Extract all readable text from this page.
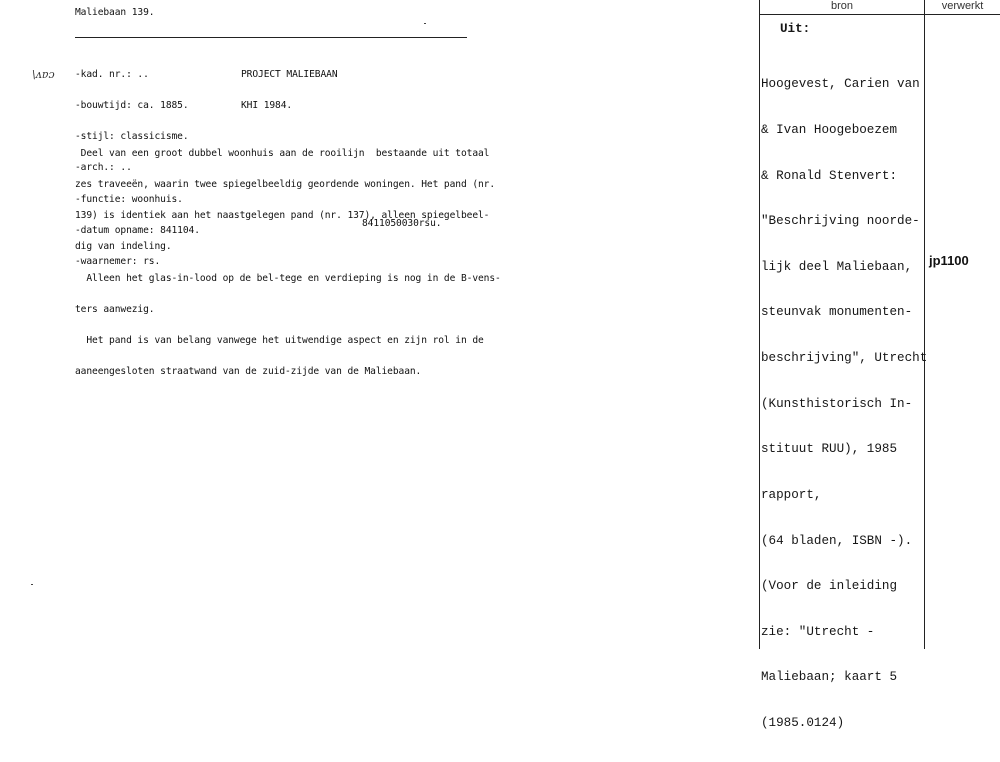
Maliebaan 139.

-kad. nr.: ..

-bouwtijd: ca. 1885.

-stijl: classicisme.

-arch.: ..

-functie: woonhuis.

-datum opname: 841104.

-waarnemer: rs.

\ᴧɐɔ

	PROJECT MALIEBAAN

KHI 1984.

Deel van een groot dubbel woonhuis aan de rooilijn  bestaande uit totaal

zes traveeën, waarin twee spiegelbeeldig geordende woningen. Het pand (nr.

139) is identiek aan het naastgelegen pand (nr. 137), alleen spiegelbeel-

dig van indeling.

Alleen het glas-in-lood op de bel-tege en verdieping is nog in de B-vens-

ters aanwezig.

Het pand is van belang vanwege het uitwendige aspect en zijn rol in de

aaneengesloten straatwand van de zuid-zijde van de Maliebaan.

8411050030rsu.
bron	verwerkt
Uit:

Hoogevest, Carien van

& Ivan Hoogeboezem

& Ronald Stenvert:

"Beschrijving noorde-

lijk deel Maliebaan,

steunvak monumenten-

beschrijving", Utrecht

(Kunsthistorisch In-

stituut RUU), 1985

rapport,

(64 bladen, ISBN -).

(Voor de inleiding

zie: "Utrecht -

Maliebaan; kaart 5

(1985.0124)

jp1100
